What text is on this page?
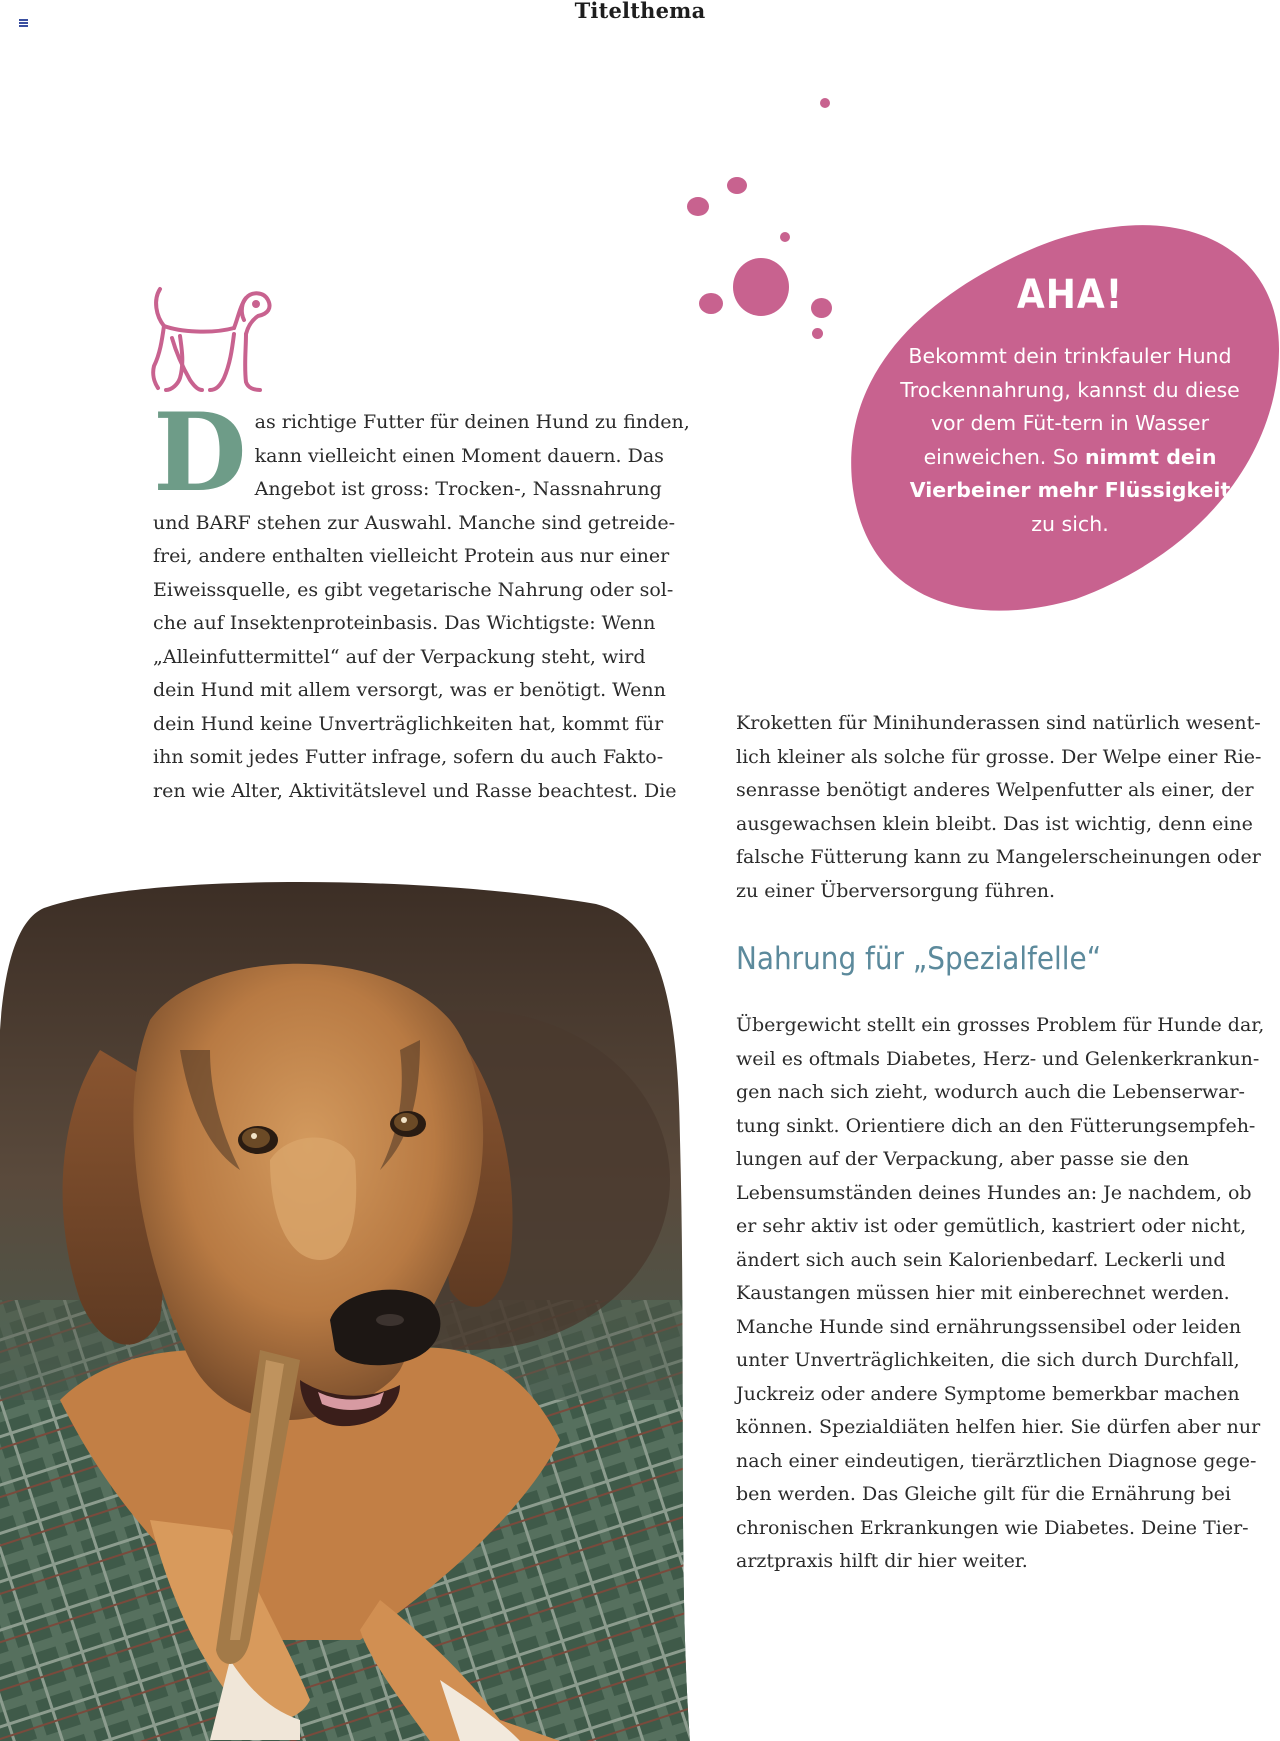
Titelthema
AHA!
Bekommt dein trinkfauler Hund Trockennahrung, kannst du diese vor dem Füt-tern in Wasser einweichen. So nimmt dein Vierbeiner mehr Flüssigkeit zu sich.
D as richtige Futter für deinen Hund zu finden, kann vielleicht einen Moment dauern. Das Angebot ist gross: Trocken-, Nassnahrung und BARF stehen zur Auswahl. Manche sind getreide-frei, andere enthalten vielleicht Protein aus nur einer Eiweissquelle, es gibt vegetarische Nahrung oder sol-che auf Insektenproteinbasis. Das Wichtigste: Wenn „Alleinfuttermittel“ auf der Verpackung steht, wird dein Hund mit allem versorgt, was er benötigt. Wenn dein Hund keine Unverträglichkeiten hat, kommt für ihn somit jedes Futter infrage, sofern du auch Fakto-ren wie Alter, Aktivitätslevel und Rasse beachtest. Die

Kroketten für Minihunderassen sind natürlich wesent-lich kleiner als solche für grosse. Der Welpe einer Rie-senrasse benötigt anderes Welpenfutter als einer, der ausgewachsen klein bleibt. Das ist wichtig, denn eine falsche Fütterung kann zu Mangelerscheinungen oder zu einer Überversorgung führen.

Nahrung für „Spezialfelle“

Übergewicht stellt ein grosses Problem für Hunde dar, weil es oftmals Diabetes, Herz- und Gelenkerkrankun-gen nach sich zieht, wodurch auch die Lebenserwar-tung sinkt. Orientiere dich an den Fütterungsempfeh-lungen auf der Verpackung, aber passe sie den Lebensumständen deines Hundes an: Je nachdem, ob er sehr aktiv ist oder gemütlich, kastriert oder nicht, ändert sich auch sein Kalorienbedarf. Leckerli und Kaustangen müssen hier mit einberechnet werden. Manche Hunde sind ernährungssensibel oder leiden unter Unverträglichkeiten, die sich durch Durchfall, Juckreiz oder andere Symptome bemerkbar machen können. Spezialdiäten helfen hier. Sie dürfen aber nur nach einer eindeutigen, tierärztlichen Diagnose gege-ben werden. Das Gleiche gilt für die Ernährung bei chronischen Erkrankungen wie Diabetes. Deine Tier-arztpraxis hilft dir hier weiter.
